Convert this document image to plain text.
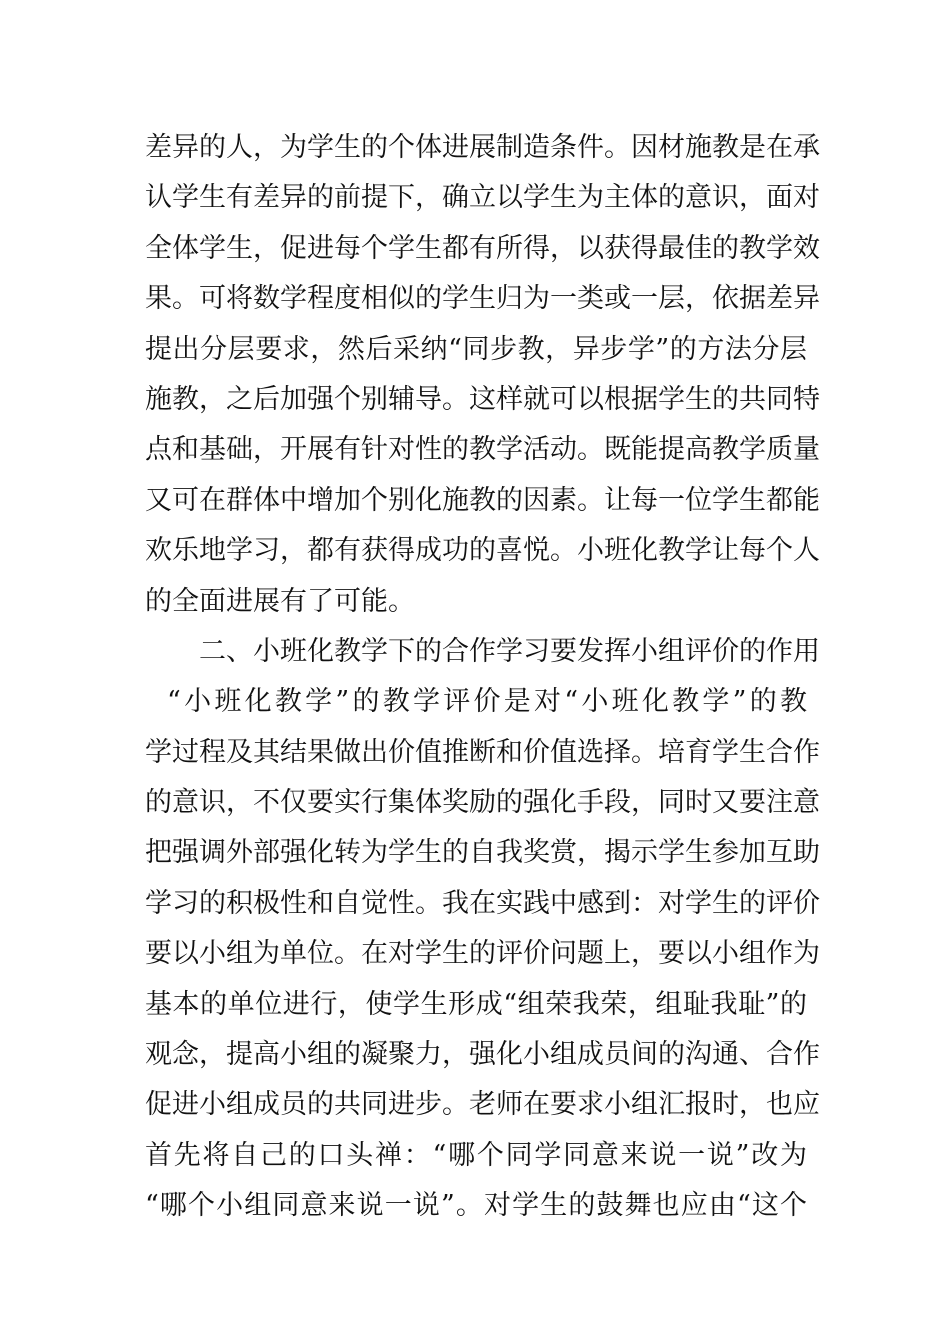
差异的人，为学生的个体进展制造条件。因材施教是在承
认学生有差异的前提下，确立以学生为主体的意识，面对
全体学生，促进每个学生都有所得，以获得最佳的教学效
果。可将数学程度相似的学生归为一类或一层，依据差异
提出分层要求，然后采纳“同步教，异步学”的方法分层
施教，之后加强个别辅导。这样就可以根据学生的共同特
点和基础，开展有针对性的教学活动。既能提高教学质量
又可在群体中增加个别化施教的因素。让每一位学生都能
欢乐地学习，都有获得成功的喜悦。小班化教学让每个人
的全面进展有了可能。
二、小班化教学下的合作学习要发挥小组评价的作用
“小班化教学”的教学评价是对“小班化教学”的教
学过程及其结果做出价值推断和价值选择。培育学生合作
的意识，不仅要实行集体奖励的强化手段，同时又要注意
把强调外部强化转为学生的自我奖赏，揭示学生参加互助
学习的积极性和自觉性。我在实践中感到：对学生的评价
要以小组为单位。在对学生的评价问题上，要以小组作为
基本的单位进行，使学生形成“组荣我荣，组耻我耻”的
观念，提高小组的凝聚力，强化小组成员间的沟通、合作
促进小组成员的共同进步。老师在要求小组汇报时，也应
首先将自己的口头禅：“哪个同学同意来说一说”改为
“哪个小组同意来说一说”。对学生的鼓舞也应由“这个
